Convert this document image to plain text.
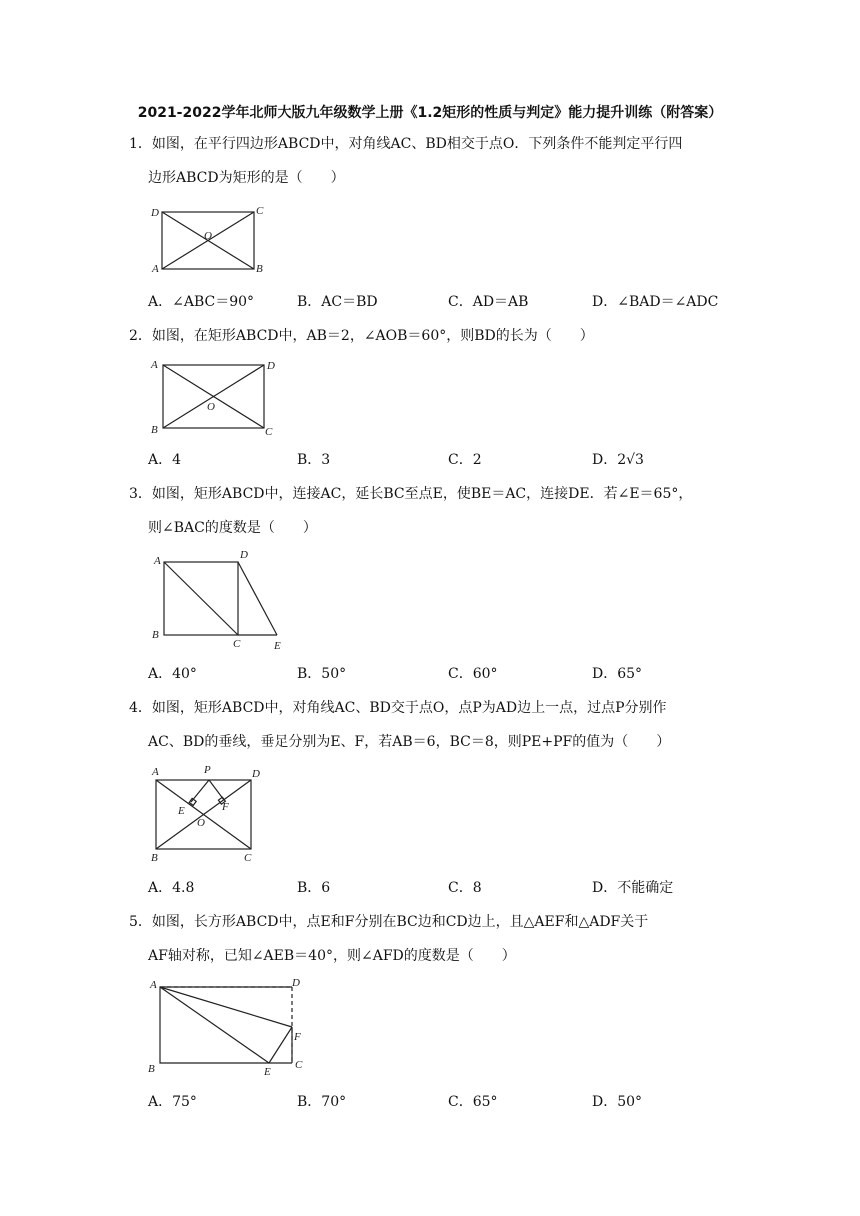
2021-2022学年北师大版九年级数学上册《1.2矩形的性质与判定》能力提升训练（附答案）
1．如图，在平行四边形ABCD中，对角线AC、BD相交于点O．下列条件不能判定平行四
边形ABCD为矩形的是（　　）
D	C
A	B
O
A．∠ABC＝90°	B．AC＝BD	C．AD＝AB	D．∠BAD＝∠ADC
2．如图，在矩形ABCD中，AB＝2，∠AOB＝60°，则BD的长为（　　）
A	D
B	C
O
A．4	B．3	C．2	D．2√3
3．如图，矩形ABCD中，连接AC，延长BC至点E，使BE＝AC，连接DE．若∠E＝65°，
则∠BAC的度数是（　　）
A	D
B
C	E
A．40°	B．50°	C．60°	D．65°
4．如图，矩形ABCD中，对角线AC、BD交于点O，点P为AD边上一点，过点P分别作
AC、BD的垂线，垂足分别为E、F，若AB＝6，BC＝8，则PE+PF的值为（　　）
A	P	D
E	F
O
B	C
A．4.8	B．6	C．8	D．不能确定
5．如图，长方形ABCD中，点E和F分别在BC边和CD边上，且△AEF和△ADF关于
AF轴对称，已知∠AEB＝40°，则∠AFD的度数是（　　）
A	D
F
B	E
C
A．75°	B．70°	C．65°	D．50°
